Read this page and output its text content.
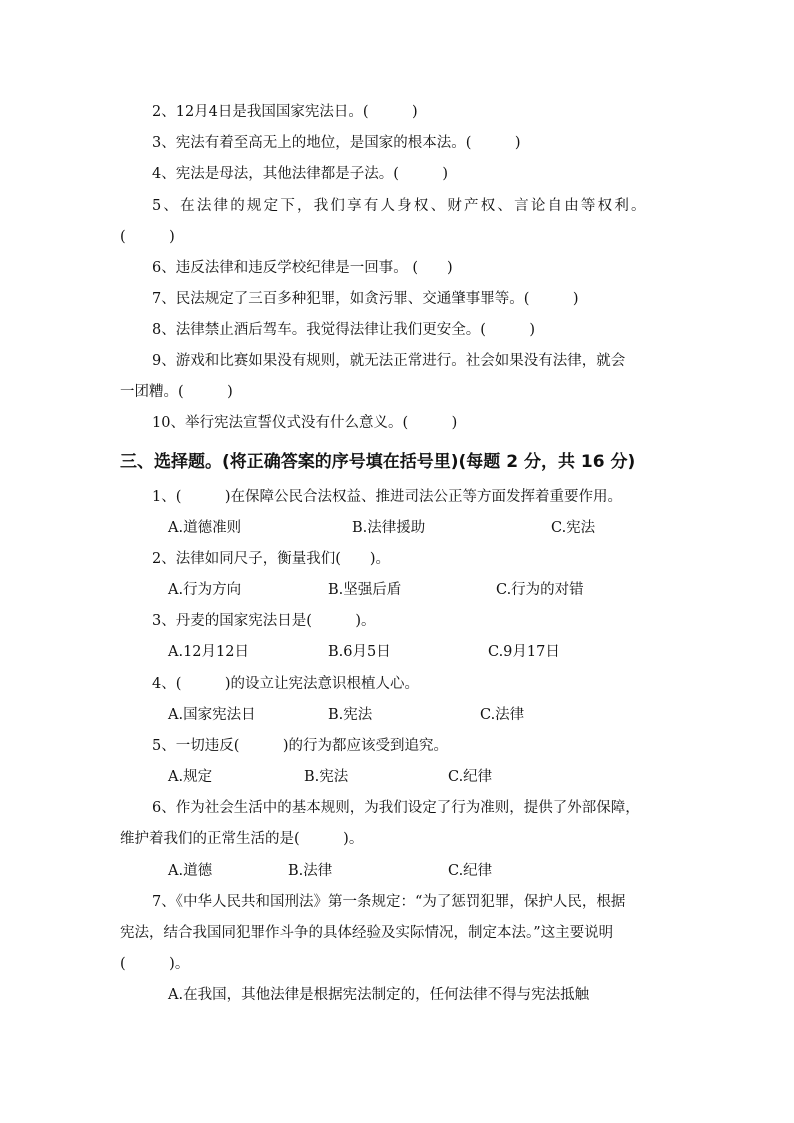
2、12月4日是我国国家宪法日。(　　　)
3、宪法有着至高无上的地位，是国家的根本法。(　　　)
4、宪法是母法，其他法律都是子法。(　　　)
5、在法律的规定下，我们享有人身权、财产权、言论自由等权利。
(　　　)
6、违反法律和违反学校纪律是一回事。 (　　)
7、民法规定了三百多种犯罪，如贪污罪、交通肇事罪等。(　　　)
8、法律禁止酒后驾车。我觉得法律让我们更安全。(　　　)
9、游戏和比赛如果没有规则，就无法正常进行。社会如果没有法律，就会
一团糟。(　　　)
10、举行宪法宣誓仪式没有什么意义。(　　　)
三、选择题。(将正确答案的序号填在括号里)(每题 2 分，共 16 分)
1、(　　　)在保障公民合法权益、推进司法公正等方面发挥着重要作用。
A.道德准则	B.法律援助	C.宪法
2、法律如同尺子，衡量我们(　　)。
A.行为方向	B.坚强后盾	C.行为的对错
3、丹麦的国家宪法日是(　　　)。
A.12月12日	B.6月5日	C.9月17日
4、(　　　)的设立让宪法意识根植人心。
A.国家宪法日	B.宪法	C.法律
5、一切违反(　　　)的行为都应该受到追究。
A.规定	B.宪法	C.纪律
6、作为社会生活中的基本规则，为我们设定了行为准则，提供了外部保障，
维护着我们的正常生活的是(　　　)。
A.道德	B.法律	C.纪律
7、《中华人民共和国刑法》第一条规定：“为了惩罚犯罪，保护人民，根据
宪法，结合我国同犯罪作斗争的具体经验及实际情况，制定本法。”这主要说明
(　　　)。
A.在我国，其他法律是根据宪法制定的，任何法律不得与宪法抵触
